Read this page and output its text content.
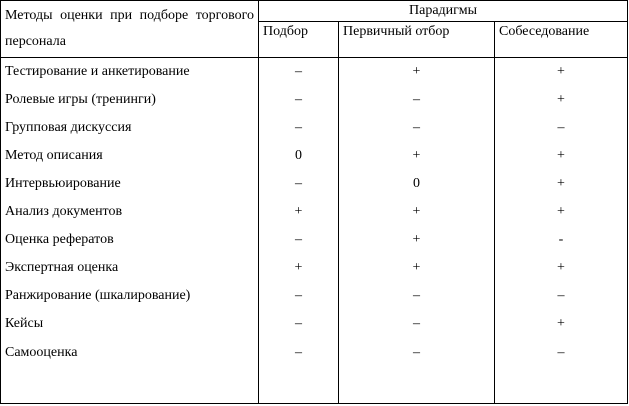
Методы оценки при подборе торгового персонала	Парадигмы		
	Подбор	Первичный отбор	Собеседование
Тестирование и анкетирование	–	+	+
Ролевые игры (тренинги)	–	–	+
Групповая дискуссия	–	–	–
Метод описания	0	+	+
Интервьюирование	–	0	+
Анализ документов	+	+	+
Оценка рефератов	–	+	-
Экспертная оценка	+	+	+
Ранжирование (шкалирование)	–	–	–
Кейсы	–	–	+
Самооценка	–	–	–
